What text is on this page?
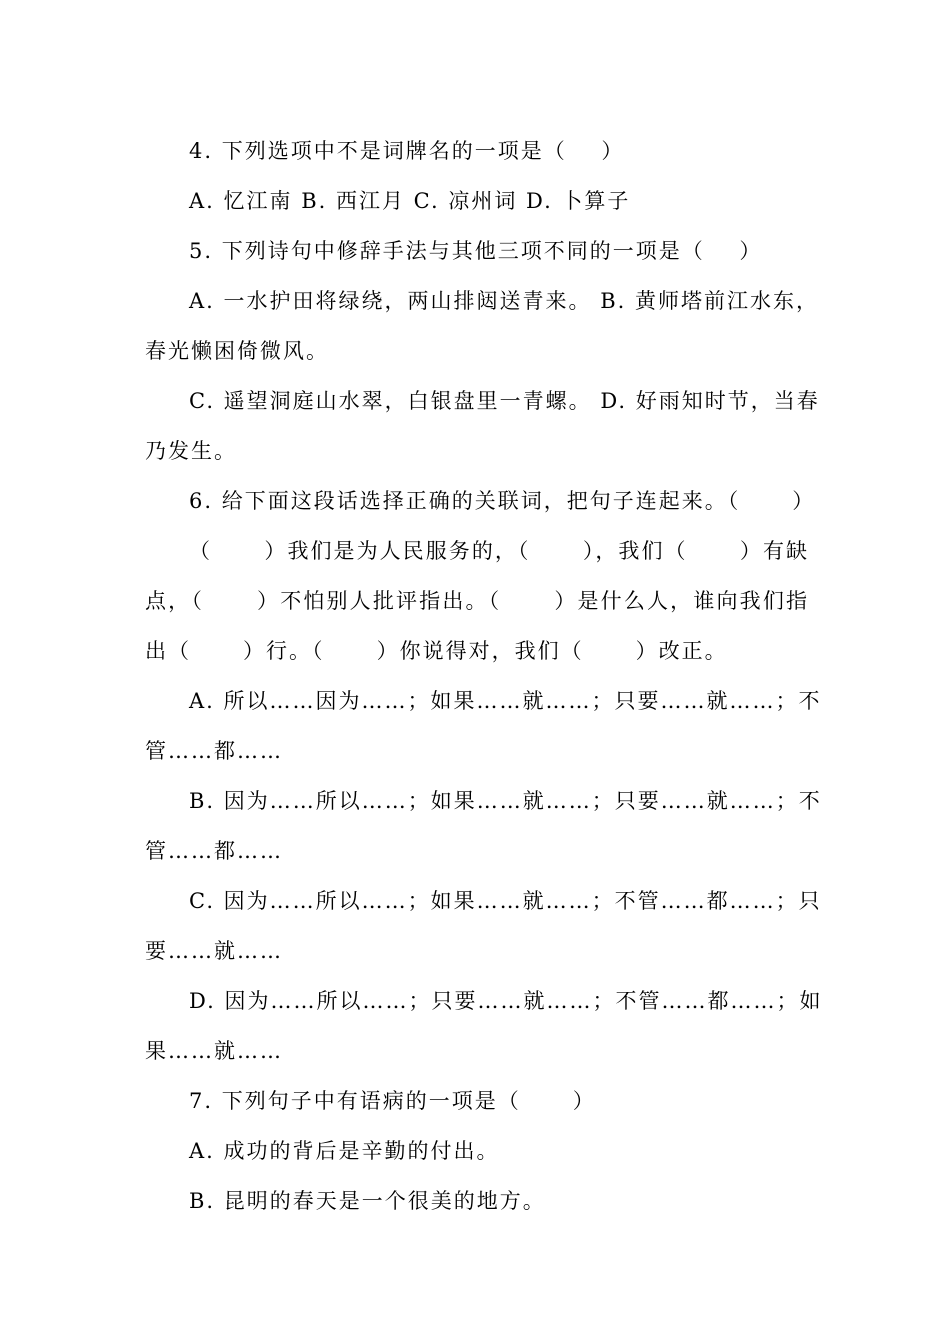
4. 下列选项中不是词牌名的一项是（    ）
A. 忆江南 B. 西江月 C. 凉州词 D. 卜算子
5. 下列诗句中修辞手法与其他三项不同的一项是（    ）
A. 一水护田将绿绕，两山排闼送青来。 B. 黄师塔前江水东，
春光懒困倚微风。
C. 遥望洞庭山水翠，白银盘里一青螺。 D. 好雨知时节，当春
乃发生。
6. 给下面这段话选择正确的关联词，把句子连起来。（      ）
（      ）我们是为人民服务的，（      ），我们（      ）有缺
点，（      ）不怕别人批评指出。（      ）是什么人，谁向我们指
出（      ）行。（      ）你说得对，我们（      ）改正。
A. 所以……因为……；如果……就……；只要……就……；不
管……都……
B. 因为……所以……；如果……就……；只要……就……；不
管……都……
C. 因为……所以……；如果……就……；不管……都……；只
要……就……
D. 因为……所以……；只要……就……；不管……都……；如
果……就……
7. 下列句子中有语病的一项是（      ）
A. 成功的背后是辛勤的付出。
B. 昆明的春天是一个很美的地方。
